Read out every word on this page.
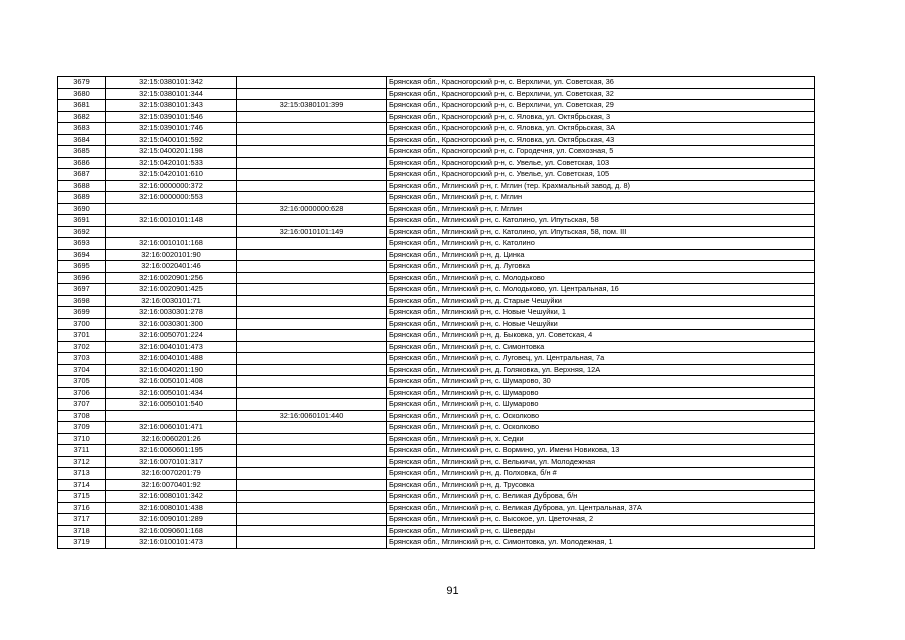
3679	32:15:0380101:342		Брянская обл., Красногорский р-н, с. Верхличи, ул. Советская, 36
3680	32:15:0380101:344		Брянская обл., Красногорский р-н, с. Верхличи, ул. Советская, 32
3681	32:15:0380101:343	32:15:0380101:399	Брянская обл., Красногорский р-н, с. Верхличи, ул. Советская, 29
3682	32:15:0390101:546		Брянская обл., Красногорский р-н, с. Яловка, ул. Октябрьская, 3
3683	32:15:0390101:746		Брянская обл., Красногорский р-н, с. Яловка, ул. Октябрьская, 3А
3684	32:15:0400101:592		Брянская обл., Красногорский р-н, с. Яловка, ул. Октябрьская, 43
3685	32:15:0400201:198		Брянская обл., Красногорский р-н, с. Городечня, ул. Совхозная, 5
3686	32:15:0420101:533		Брянская обл., Красногорский р-н, с. Увелье, ул. Советская, 103
3687	32:15:0420101:610		Брянская обл., Красногорский р-н, с. Увелье, ул. Советская, 105
3688	32:16:0000000:372		Брянская обл., Мглинский р-н, г. Мглин (тер. Крахмальный завод, д. 8)
3689	32:16:0000000:553		Брянская обл., Мглинский р-н, г. Мглин
3690		32:16:0000000:628	Брянская обл., Мглинский р-н, г. Мглин
3691	32:16:0010101:148		Брянская обл., Мглинский р-н, с. Католино, ул. Ипутьская, 58
3692		32:16:0010101:149	Брянская обл., Мглинский р-н, с. Католино, ул. Ипутьская, 58, пом. III
3693	32:16:0010101:168		Брянская обл., Мглинский р-н, с. Католино
3694	32:16:0020101:90		Брянская обл., Мглинский р-н, д. Цинка
3695	32:16:0020401:46		Брянская обл., Мглинский р-н, д. Луговка
3696	32:16:0020901:256		Брянская обл., Мглинский р-н, с. Молодьково
3697	32:16:0020901:425		Брянская обл., Мглинский р-н, с. Молодьково, ул. Центральная, 16
3698	32:16:0030101:71		Брянская обл., Мглинский р-н, д. Старые Чешуйки
3699	32:16:0030301:278		Брянская обл., Мглинский р-н, с. Новые Чешуйки, 1
3700	32:16:0030301:300		Брянская обл., Мглинский р-н, с. Новые Чешуйки
3701	32:16:0050701:224		Брянская обл., Мглинский р-н, д. Быковка, ул. Советская, 4
3702	32:16:0040101:473		Брянская обл., Мглинский р-н, с. Симонтовка
3703	32:16:0040101:488		Брянская обл., Мглинский р-н, с. Луговец, ул. Центральная, 7а
3704	32:16:0040201:190		Брянская обл., Мглинский р-н, д. Голяковка, ул. Верхняя, 12А
3705	32:16:0050101:408		Брянская обл., Мглинский р-н, с. Шумарово, 30
3706	32:16:0050101:434		Брянская обл., Мглинский р-н, с. Шумарово
3707	32:16:0050101:540		Брянская обл., Мглинский р-н, с. Шумарово
3708		32:16:0060101:440	Брянская обл., Мглинский р-н, с. Осколково
3709	32:16:0060101:471		Брянская обл., Мглинский р-н, с. Осколково
3710	32:16:0060201:26		Брянская обл., Мглинский р-н, х. Седки
3711	32:16:0060601:195		Брянская обл., Мглинский р-н, с. Вормино, ул. Имени Новикова, 13
3712	32:16:0070101:317		Брянская обл., Мглинский р-н, с. Велькичи, ул. Молодежная
3713	32:16:0070201:79		Брянская обл., Мглинский р-н, д. Полховка, б/н #
3714	32:16:0070401:92		Брянская обл., Мглинский р-н, д. Трусовка
3715	32:16:0080101:342		Брянская обл., Мглинский р-н, с. Великая Дуброва, б/н
3716	32:16:0080101:438		Брянская обл., Мглинский р-н, с. Великая Дуброва, ул. Центральная, 37А
3717	32:16:0090101:289		Брянская обл., Мглинский р-н, с. Высокое, ул. Цветочная, 2
3718	32:16:0090601:168		Брянская обл., Мглинский р-н, с. Шеверды
3719	32:16:0100101:473		Брянская обл., Мглинский р-н, с. Симонтовка, ул. Молодежная, 1
91
